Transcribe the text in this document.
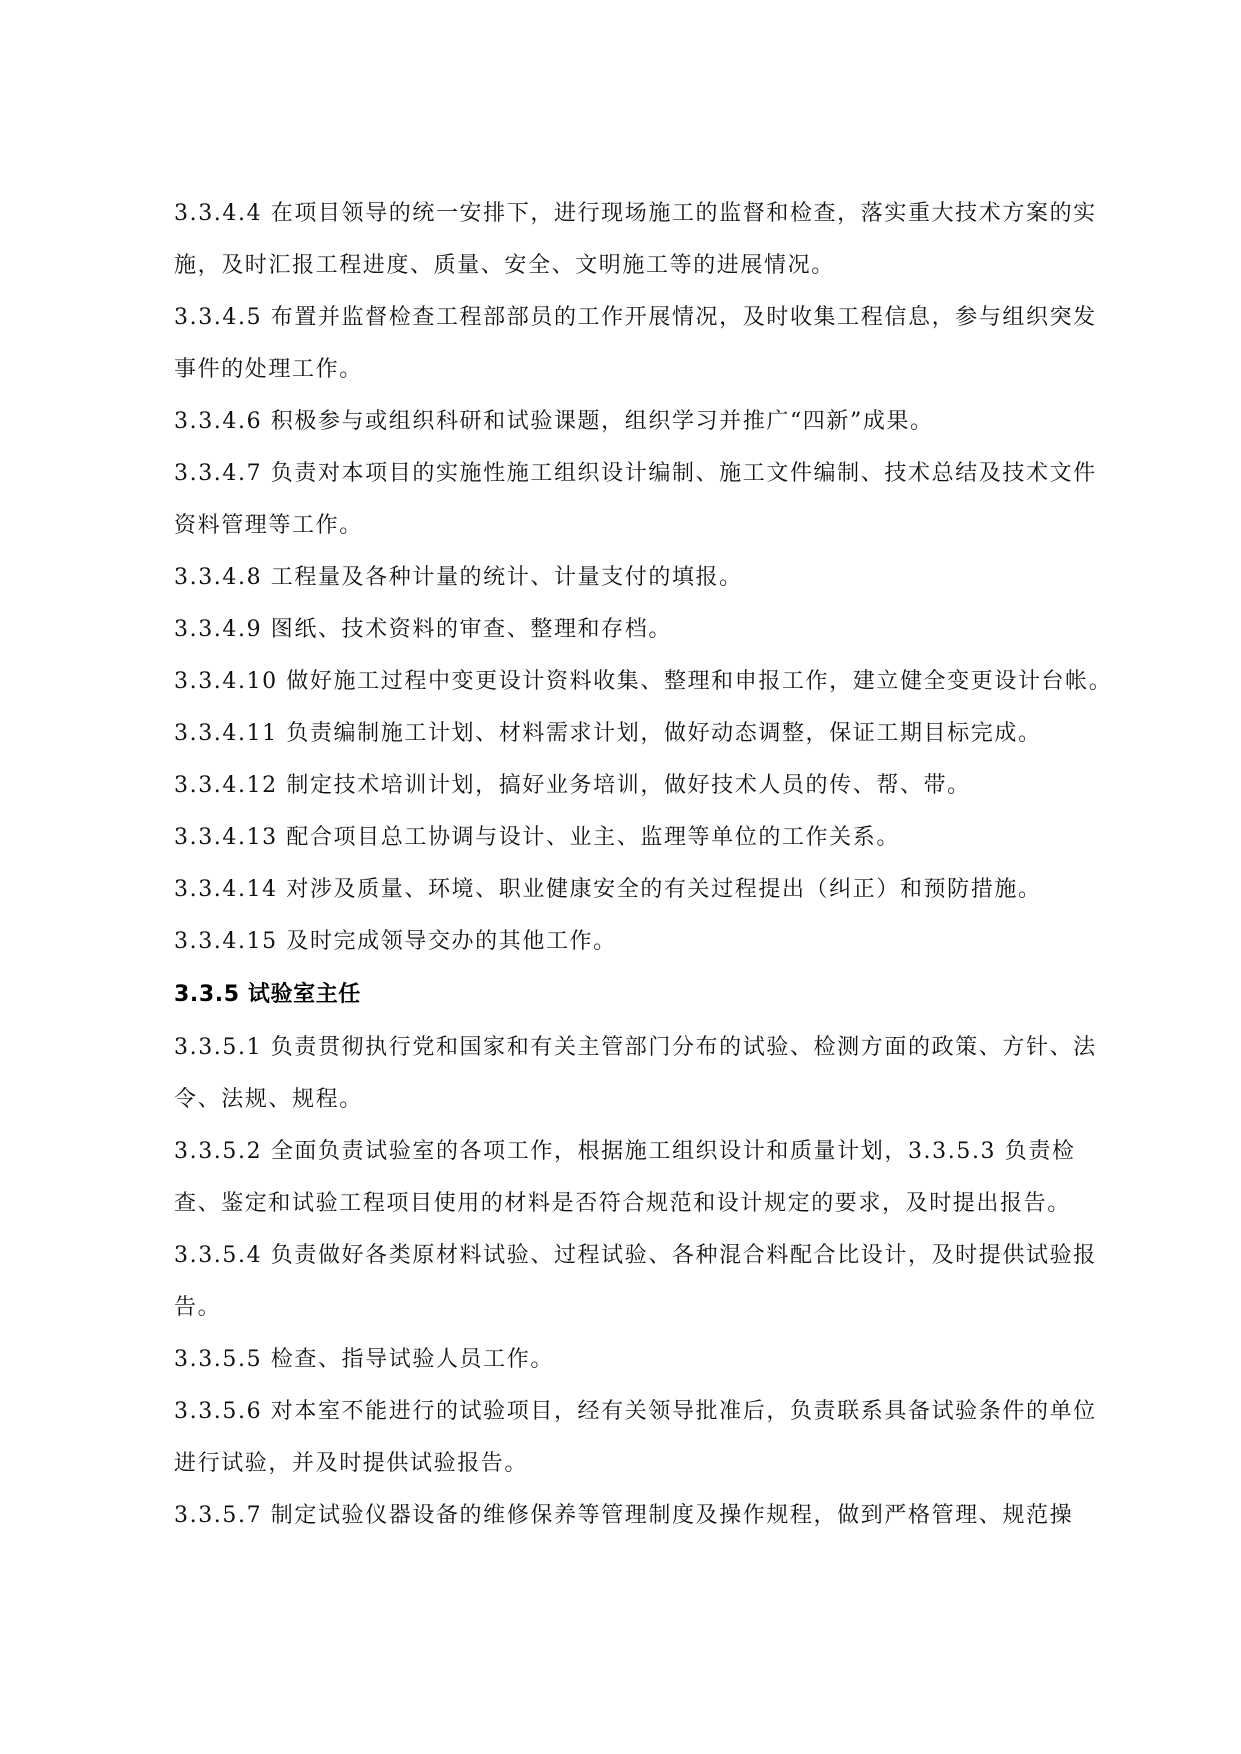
3.3.4.4 在项目领导的统一安排下，进行现场施工的监督和检查，落实重大技术方案的实施，及时汇报工程进度、质量、安全、文明施工等的进展情况。

3.3.4.5 布置并监督检查工程部部员的工作开展情况，及时收集工程信息，参与组织突发事件的处理工作。

3.3.4.6 积极参与或组织科研和试验课题，组织学习并推广“四新”成果。

3.3.4.7 负责对本项目的实施性施工组织设计编制、施工文件编制、技术总结及技术文件资料管理等工作。

3.3.4.8 工程量及各种计量的统计、计量支付的填报。

3.3.4.9 图纸、技术资料的审查、整理和存档。

3.3.4.10 做好施工过程中变更设计资料收集、整理和申报工作，建立健全变更设计台帐。

3.3.4.11 负责编制施工计划、材料需求计划，做好动态调整，保证工期目标完成。

3.3.4.12 制定技术培训计划，搞好业务培训，做好技术人员的传、帮、带。

3.3.4.13 配合项目总工协调与设计、业主、监理等单位的工作关系。

3.3.4.14 对涉及质量、环境、职业健康安全的有关过程提出（纠正）和预防措施。

3.3.4.15 及时完成领导交办的其他工作。

3.3.5 试验室主任

3.3.5.1 负责贯彻执行党和国家和有关主管部门分布的试验、检测方面的政策、方针、法令、法规、规程。

3.3.5.2 全面负责试验室的各项工作，根据施工组织设计和质量计划，3.3.5.3 负责检查、鉴定和试验工程项目使用的材料是否符合规范和设计规定的要求，及时提出报告。

3.3.5.4 负责做好各类原材料试验、过程试验、各种混合料配合比设计，及时提供试验报告。

3.3.5.5 检查、指导试验人员工作。

3.3.5.6 对本室不能进行的试验项目，经有关领导批准后，负责联系具备试验条件的单位进行试验，并及时提供试验报告。

3.3.5.7 制定试验仪器设备的维修保养等管理制度及操作规程，做到严格管理、规范操
